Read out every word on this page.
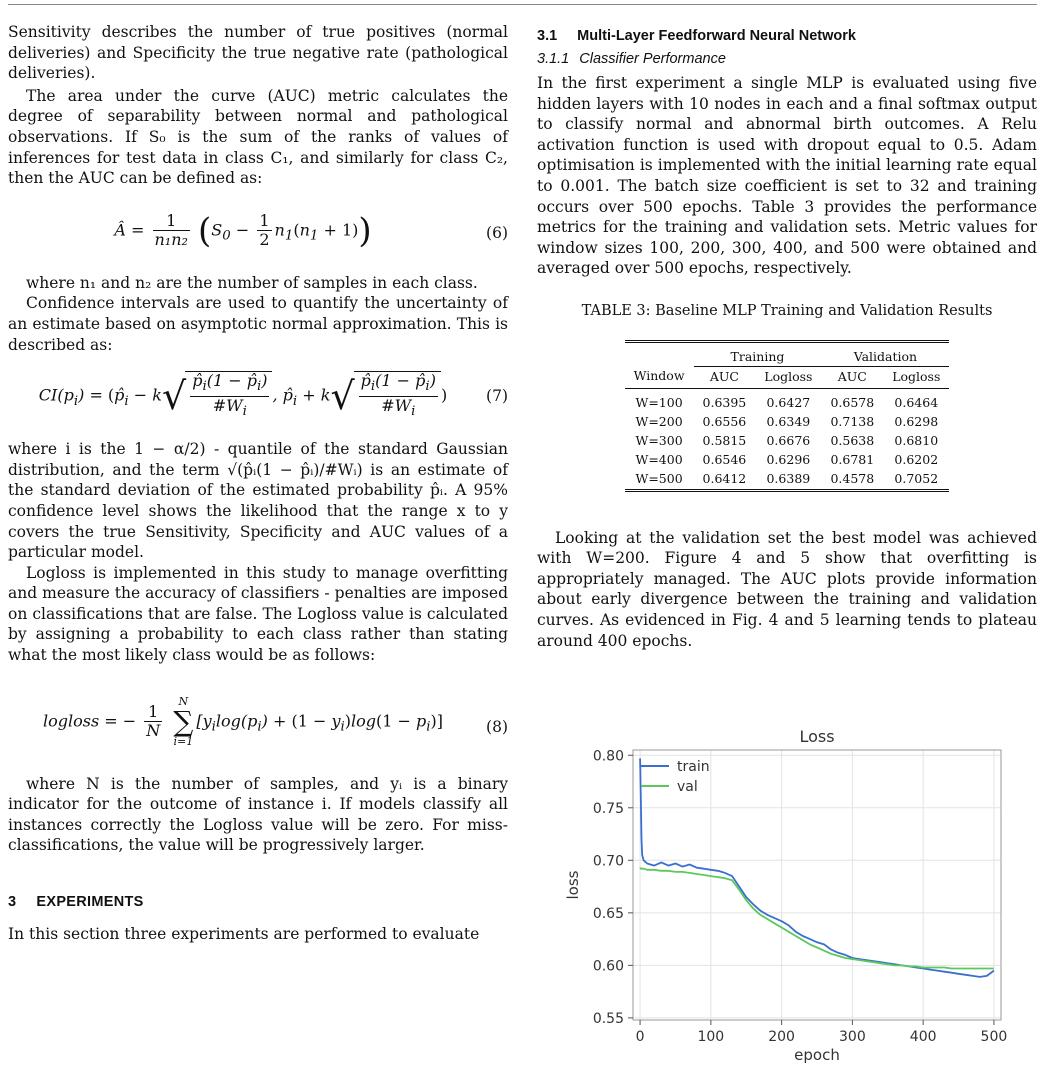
Sensitivity describes the number of true positives (normal deliveries) and Specificity the true negative rate (pathological deliveries).

The area under the curve (AUC) metric calculates the degree of separability between normal and pathological observations. If S₀ is the sum of the ranks of values of inferences for test data in class C₁, and similarly for class C₂, then the AUC can be defined as:

Â = $\frac{1}{\text{n₁n₂}} (S_0 - \frac{1}{2} n_1(n_1 + 1))$	(6)

where n₁ and n₂ are the number of samples in each class.

Confidence intervals are used to quantify the uncertainty of an estimate based on asymptotic normal approximation. This is described as:

$CI(p_i)$ = ($p̂_i - k√ \frac{p̂_i(1 - p̂_i)}{\#W_i}$ , $p̂_i + k√ \frac{p̂_i(1 - p̂_i)}{\#W_i}$ )	(7)

where i is the 1 − α/2) - quantile of the standard Gaussian distribution, and the term √(p̂ᵢ(1 − p̂ᵢ)/#Wᵢ) is an estimate of the standard deviation of the estimated probability p̂ᵢ. A 95% confidence level shows the likelihood that the range x to y covers the true Sensitivity, Specificity and AUC values of a particular model.

Logloss is implemented in this study to manage overfitting and measure the accuracy of classifiers - penalties are imposed on classifications that are false. The Logloss value is calculated by assigning a probability to each class rather than stating what the most likely class would be as follows:

logloss = − $\frac{1}{N}$

N
∑
i=1
$[y_i\log(p_i) + (1 - y_i)\log(1 - p_i)]$	(8)

where N is the number of samples, and yᵢ is a binary indicator for the outcome of instance i. If models classify all instances correctly the Logloss value will be zero. For miss-classifications, the value will be progressively larger.

3 EXPERIMENTS

In this section three experiments are performed to evaluate

3.1 Multi-Layer Feedforward Neural Network
3.1.1 Classifier Performance

In the first experiment a single MLP is evaluated using five hidden layers with 10 nodes in each and a final softmax output to classify normal and abnormal birth outcomes. A Relu activation function is used with dropout equal to 0.5. Adam optimisation is implemented with the initial learning rate equal to 0.001. The batch size coefficient is set to 32 and training occurs over 500 epochs. Table 3 provides the performance metrics for the training and validation sets. Metric values for window sizes 100, 200, 300, 400, and 500 were obtained and averaged over 500 epochs, respectively.

TABLE 3: Baseline MLP Training and Validation Results

	Training		Validation	
Window	AUC	Logloss	AUC	Logloss
W=100	0.6395	0.6427	0.6578	0.6464
W=200	0.6556	0.6349	0.7138	0.6298
W=300	0.5815	0.6676	0.5638	0.6810
W=400	0.6546	0.6296	0.6781	0.6202
W=500	0.6412	0.6389	0.4578	0.7052

Looking at the validation set the best model was achieved with W=200. Figure 4 and 5 show that overfitting is appropriately managed. The AUC plots provide information about early divergence between the training and validation curves. As evidenced in Fig. 4 and 5 learning tends to plateau around 400 epochs.

0	100	200	300	400	500
0.55
0.60
0.65
0.70
0.75
0.80
Loss
epoch
loss
train
val
